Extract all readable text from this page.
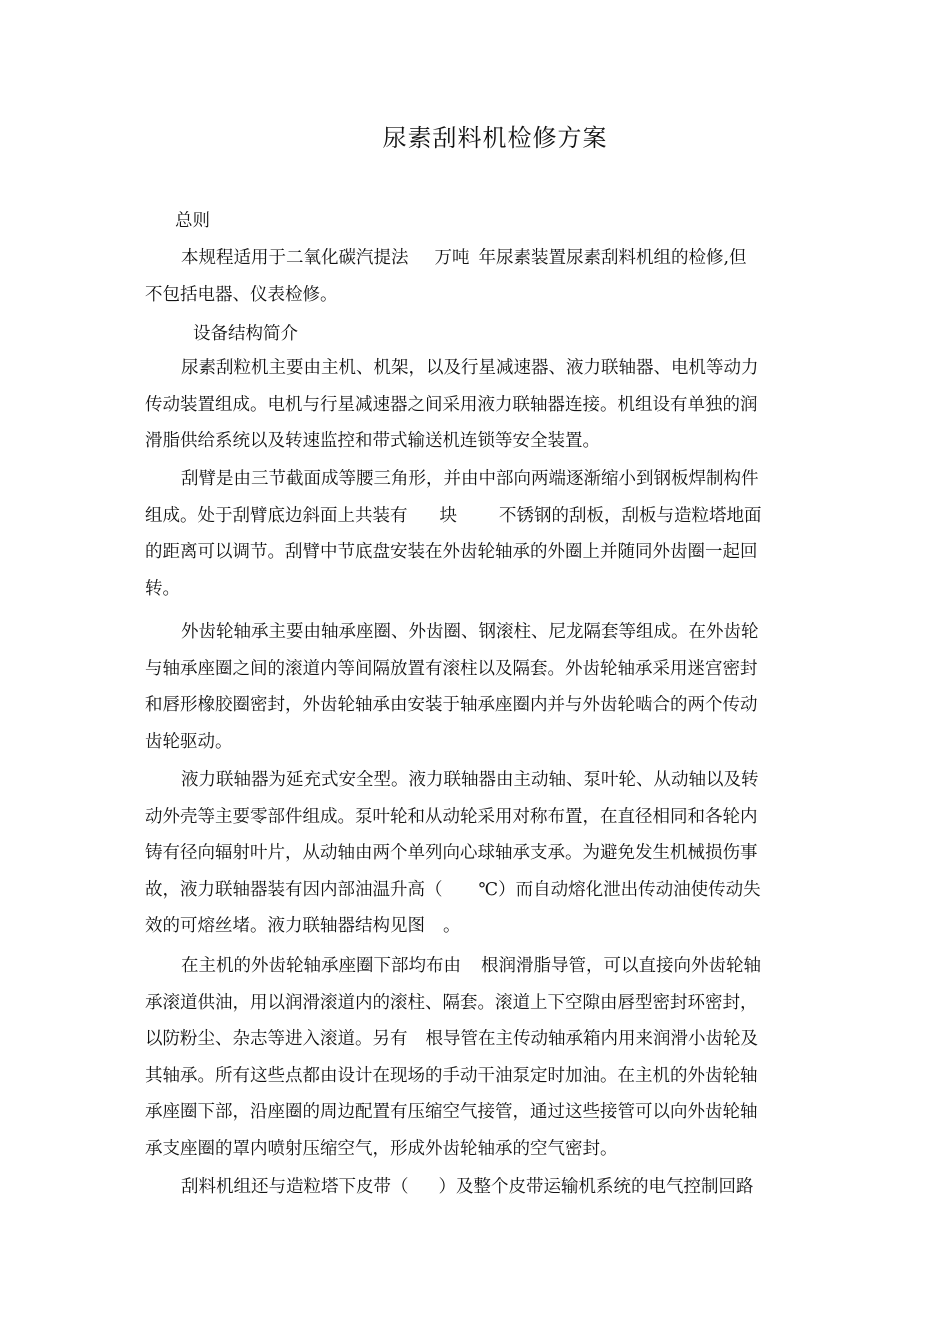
尿素刮料机检修方案
总则

本规程适用于二氧化碳汽提法 万吨 年尿素装置尿素刮料机组的检修,但
不包括电器、仪表检修。

设备结构简介

尿素刮粒机主要由主机、机架，以及行星减速器、液力联轴器、电机等动力
传动装置组成。电机与行星减速器之间采用液力联轴器连接。机组设有单独的润
滑脂供给系统以及转速监控和带式输送机连锁等安全装置。

刮臂是由三节截面成等腰三角形，并由中部向两端逐渐缩小到钢板焊制构件
组成。处于刮臂底边斜面上共装有 块 不锈钢的刮板，刮板与造粒塔地面
的距离可以调节。刮臂中节底盘安装在外齿轮轴承的外圈上并随同外齿圈一起回
转。

外齿轮轴承主要由轴承座圈、外齿圈、钢滚柱、尼龙隔套等组成。在外齿轮
与轴承座圈之间的滚道内等间隔放置有滚柱以及隔套。外齿轮轴承采用迷宫密封
和唇形橡胶圈密封，外齿轮轴承由安装于轴承座圈内并与外齿轮啮合的两个传动
齿轮驱动。

液力联轴器为延充式安全型。液力联轴器由主动轴、泵叶轮、从动轴以及转
动外壳等主要零部件组成。泵叶轮和从动轮采用对称布置，在直径相同和各轮内
铸有径向辐射叶片，从动轴由两个单列向心球轴承支承。为避免发生机械损伤事
故，液力联轴器装有因内部油温升高（ ℃）而自动熔化泄出传动油使传动失
效的可熔丝堵。液力联轴器结构见图 。

在主机的外齿轮轴承座圈下部均布由 根润滑脂导管，可以直接向外齿轮轴
承滚道供油，用以润滑滚道内的滚柱、隔套。滚道上下空隙由唇型密封环密封，
以防粉尘、杂志等进入滚道。另有 根导管在主传动轴承箱内用来润滑小齿轮及
其轴承。所有这些点都由设计在现场的手动干油泵定时加油。在主机的外齿轮轴
承座圈下部，沿座圈的周边配置有压缩空气接管，通过这些接管可以向外齿轮轴
承支座圈的罩内喷射压缩空气，形成外齿轮轴承的空气密封。

刮料机组还与造粒塔下皮带（ ）及整个皮带运输机系统的电气控制回路
